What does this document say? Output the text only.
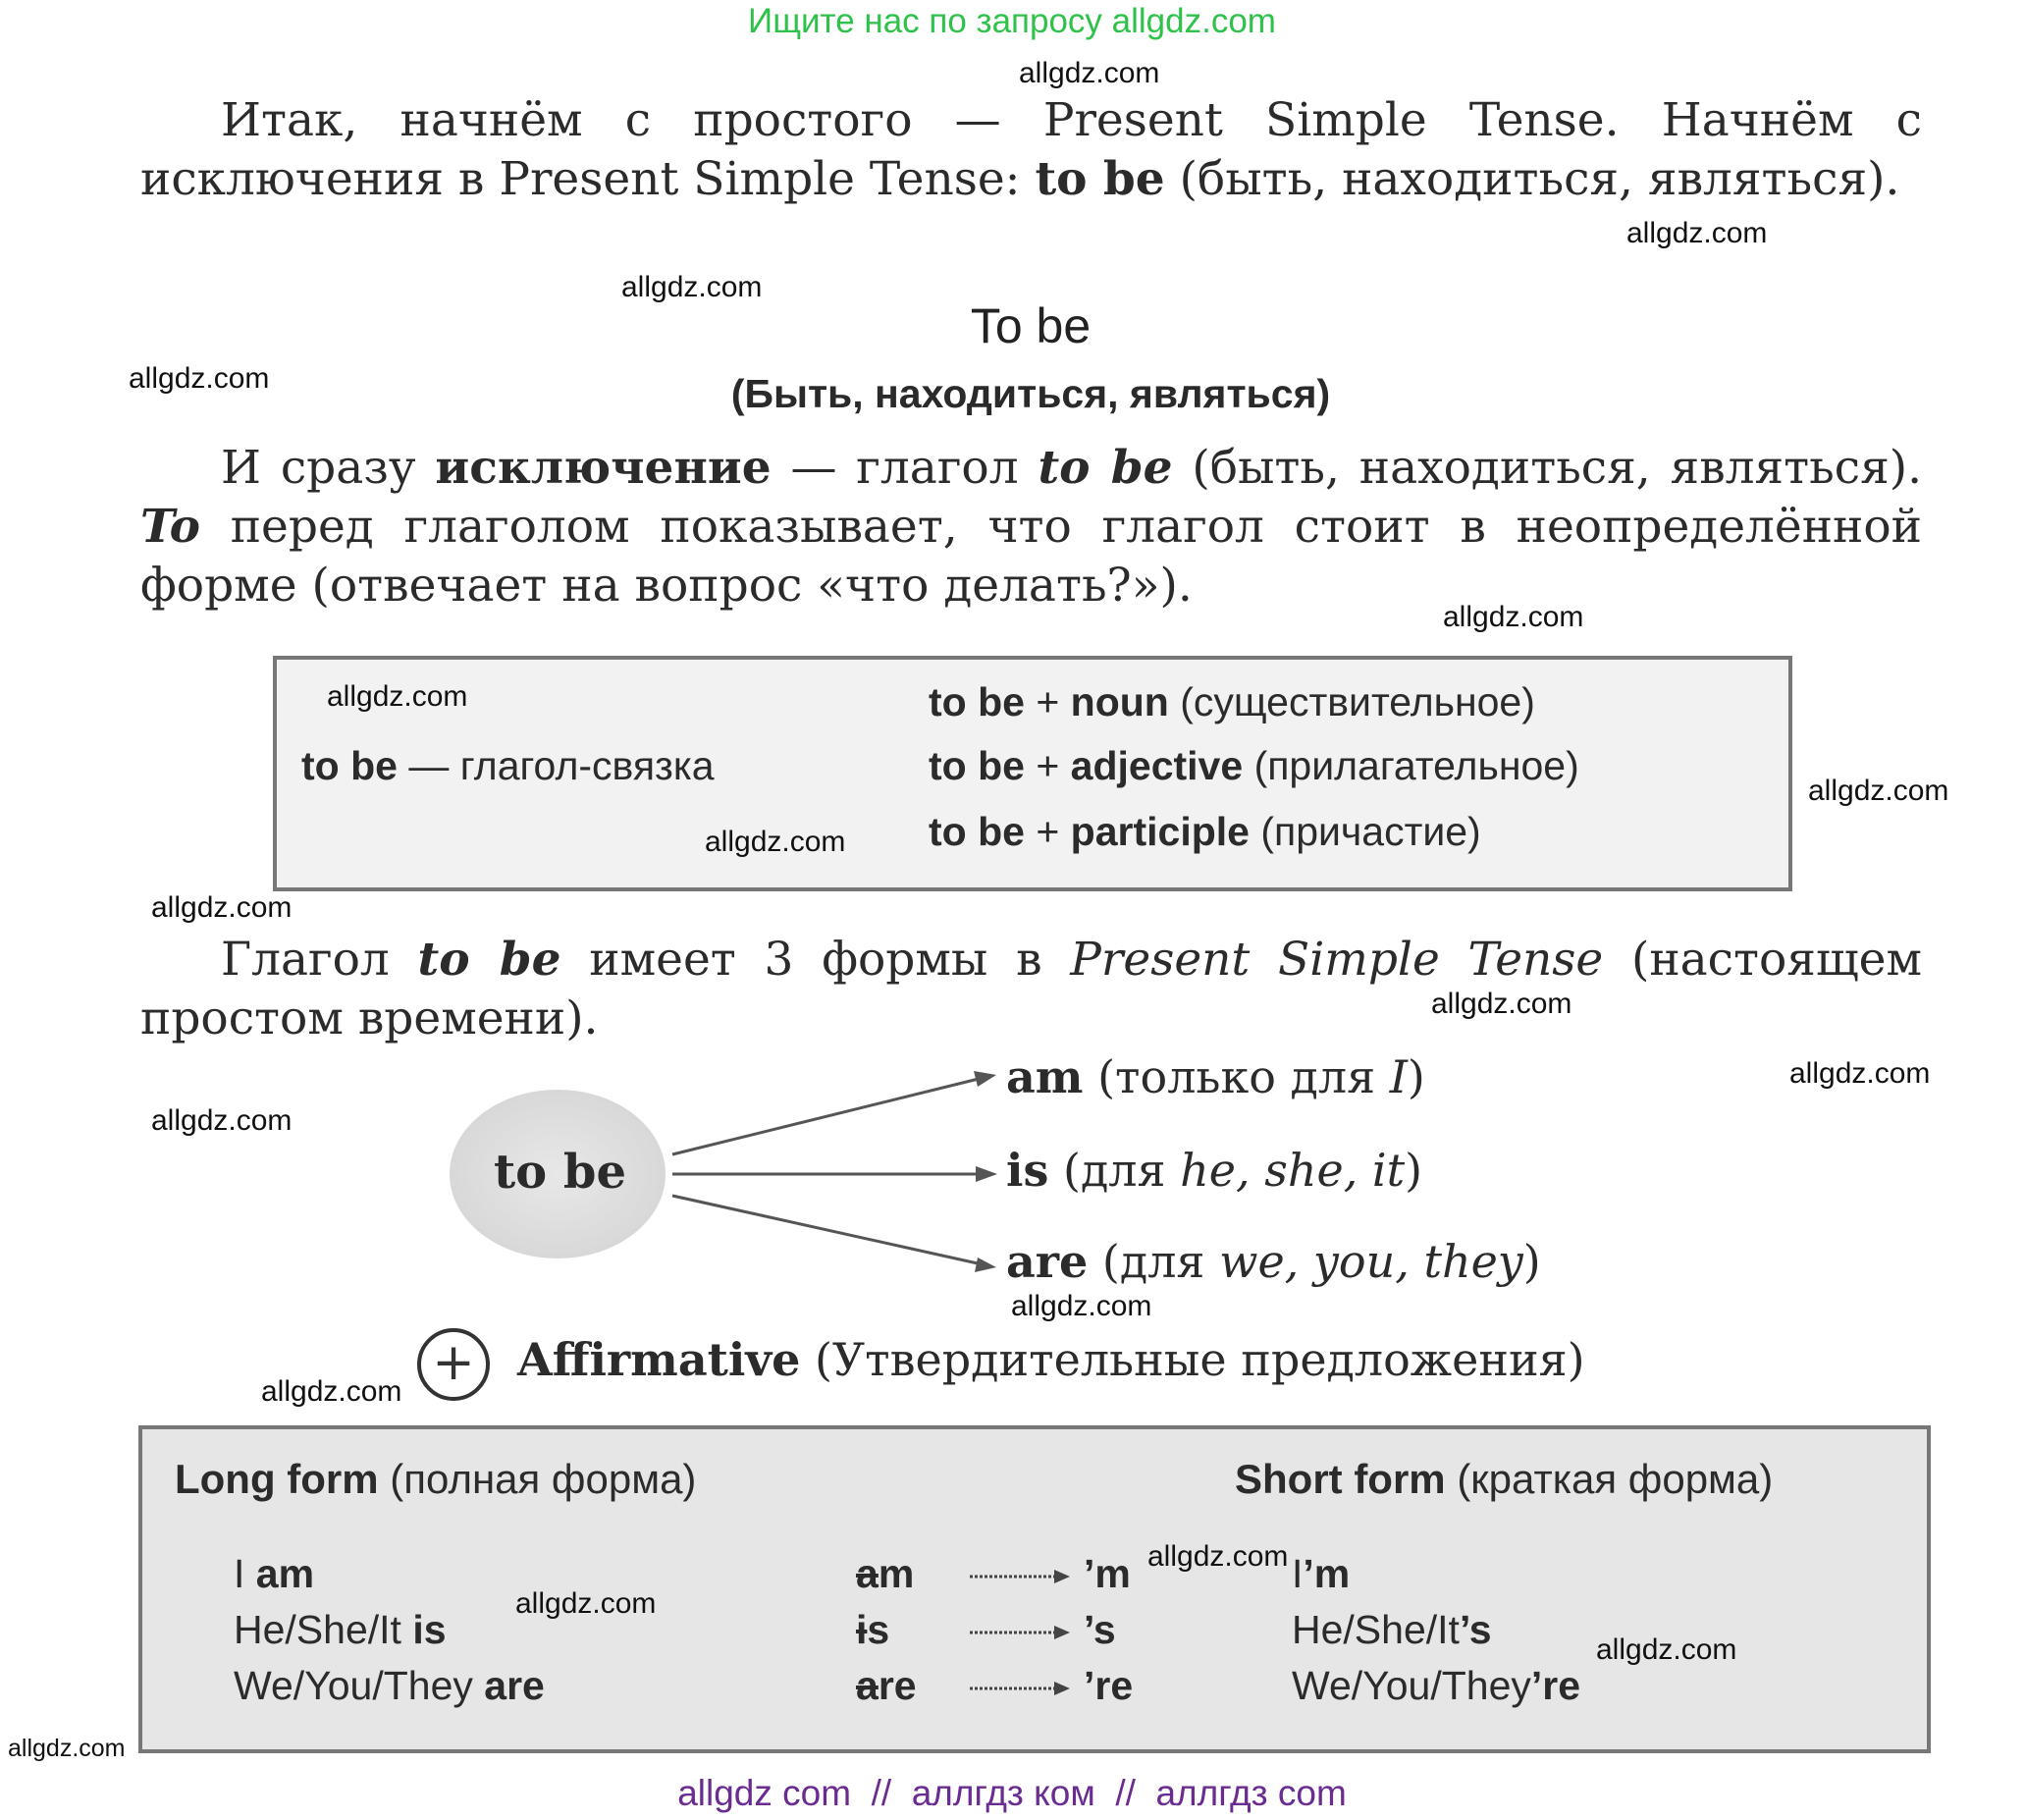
Ищите нас по запросу allgdz.com

Итак, начнём с простого — Present Simple Tense. Начнём с исключения в Present Simple Tense: to be (быть, находиться, являться).

To be
(Быть, находиться, являться)

И сразу исключение — глагол to be (быть, находиться, являться). To перед глаголом показывает, что глагол стоит в неопределённой форме (отвечает на вопрос «что делать?»).

to be — глагол-связка
to be + noun (существительное)
to be + adjective (прилагательное)
to be + participle (причастие)

Глагол to be имеет 3 формы в Present Simple Tense (настоящем простом времени).

to be
am (только для I)
is (для he, she, it)
are (для we, you, they)
+ Affirmative (Утвердительные предложения)
Long form (полная форма)	Short form (краткая форма)
I am	am	’m	I’m
He/She/It is	is	’s	He/She/It’s
We/You/They are	are	’re	We/You/They’re
allgdz.com
allgdz.com
allgdz.com
allgdz.com
allgdz.com
allgdz.com
allgdz.com
allgdz.com
allgdz.com
allgdz.com
allgdz.com
allgdz.com
allgdz.com
allgdz.com
allgdz.com
allgdz.com
allgdz.com
allgdz.com
allgdz com  //  аллгдз ком  //  аллгдз com
